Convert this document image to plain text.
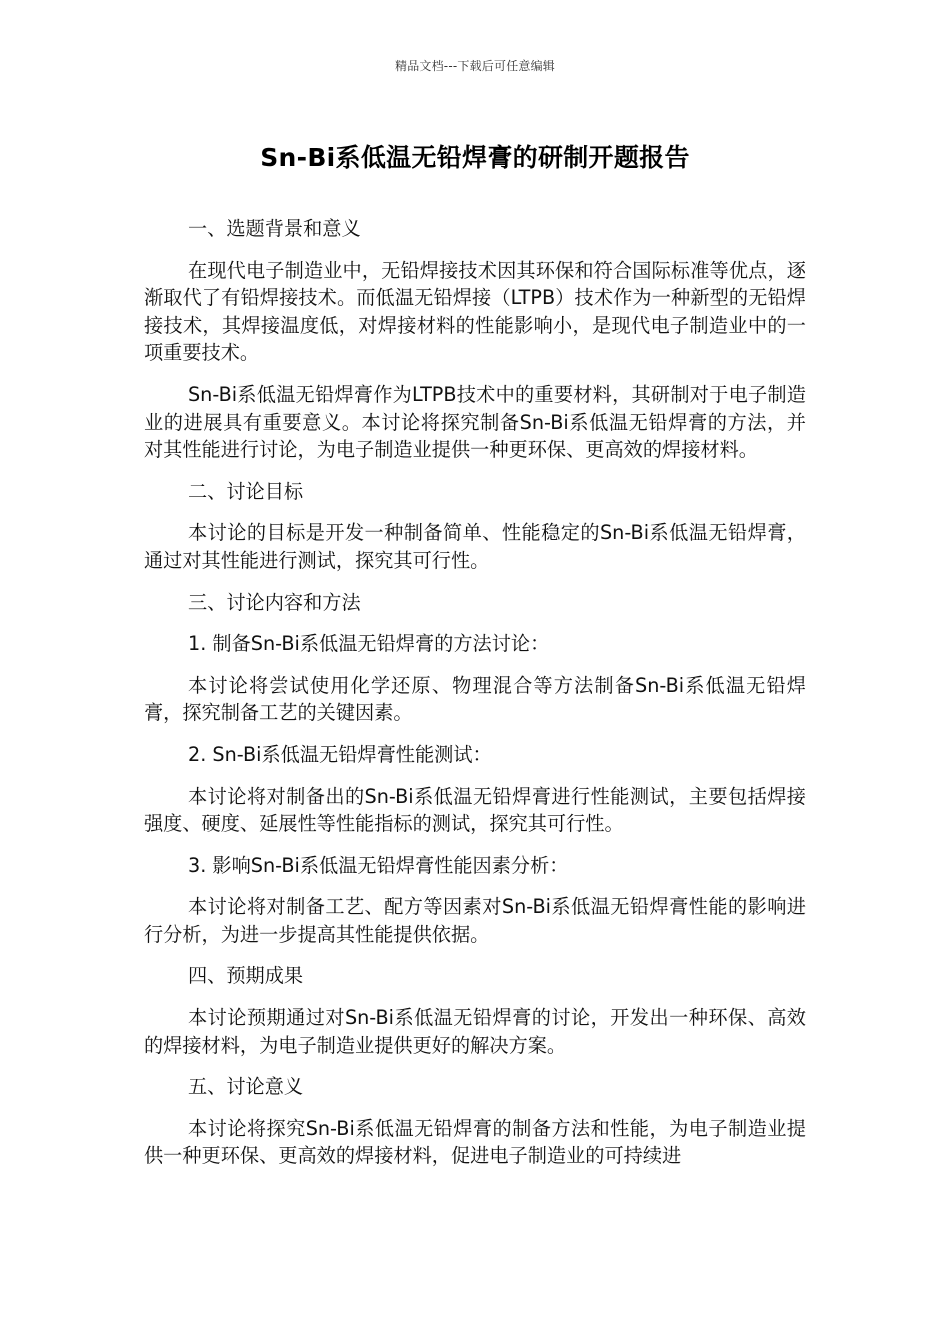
精品文档---下载后可任意编辑
Sn-Bi系低温无铅焊膏的研制开题报告

一、选题背景和意义

在现代电子制造业中，无铅焊接技术因其环保和符合国际标准等优点，逐渐取代了有铅焊接技术。而低温无铅焊接（LTPB）技术作为一种新型的无铅焊接技术，其焊接温度低，对焊接材料的性能影响小，是现代电子制造业中的一项重要技术。

Sn-Bi系低温无铅焊膏作为LTPB技术中的重要材料，其研制对于电子制造业的进展具有重要意义。本讨论将探究制备Sn-Bi系低温无铅焊膏的方法，并对其性能进行讨论，为电子制造业提供一种更环保、更高效的焊接材料。

二、讨论目标

本讨论的目标是开发一种制备简单、性能稳定的Sn-Bi系低温无铅焊膏，通过对其性能进行测试，探究其可行性。

三、讨论内容和方法

1. 制备Sn-Bi系低温无铅焊膏的方法讨论：

本讨论将尝试使用化学还原、物理混合等方法制备Sn-Bi系低温无铅焊膏，探究制备工艺的关键因素。

2. Sn-Bi系低温无铅焊膏性能测试：

本讨论将对制备出的Sn-Bi系低温无铅焊膏进行性能测试，主要包括焊接强度、硬度、延展性等性能指标的测试，探究其可行性。

3. 影响Sn-Bi系低温无铅焊膏性能因素分析：

本讨论将对制备工艺、配方等因素对Sn-Bi系低温无铅焊膏性能的影响进行分析，为进一步提高其性能提供依据。

四、预期成果

本讨论预期通过对Sn-Bi系低温无铅焊膏的讨论，开发出一种环保、高效的焊接材料，为电子制造业提供更好的解决方案。

五、讨论意义

本讨论将探究Sn-Bi系低温无铅焊膏的制备方法和性能，为电子制造业提供一种更环保、更高效的焊接材料，促进电子制造业的可持续进
